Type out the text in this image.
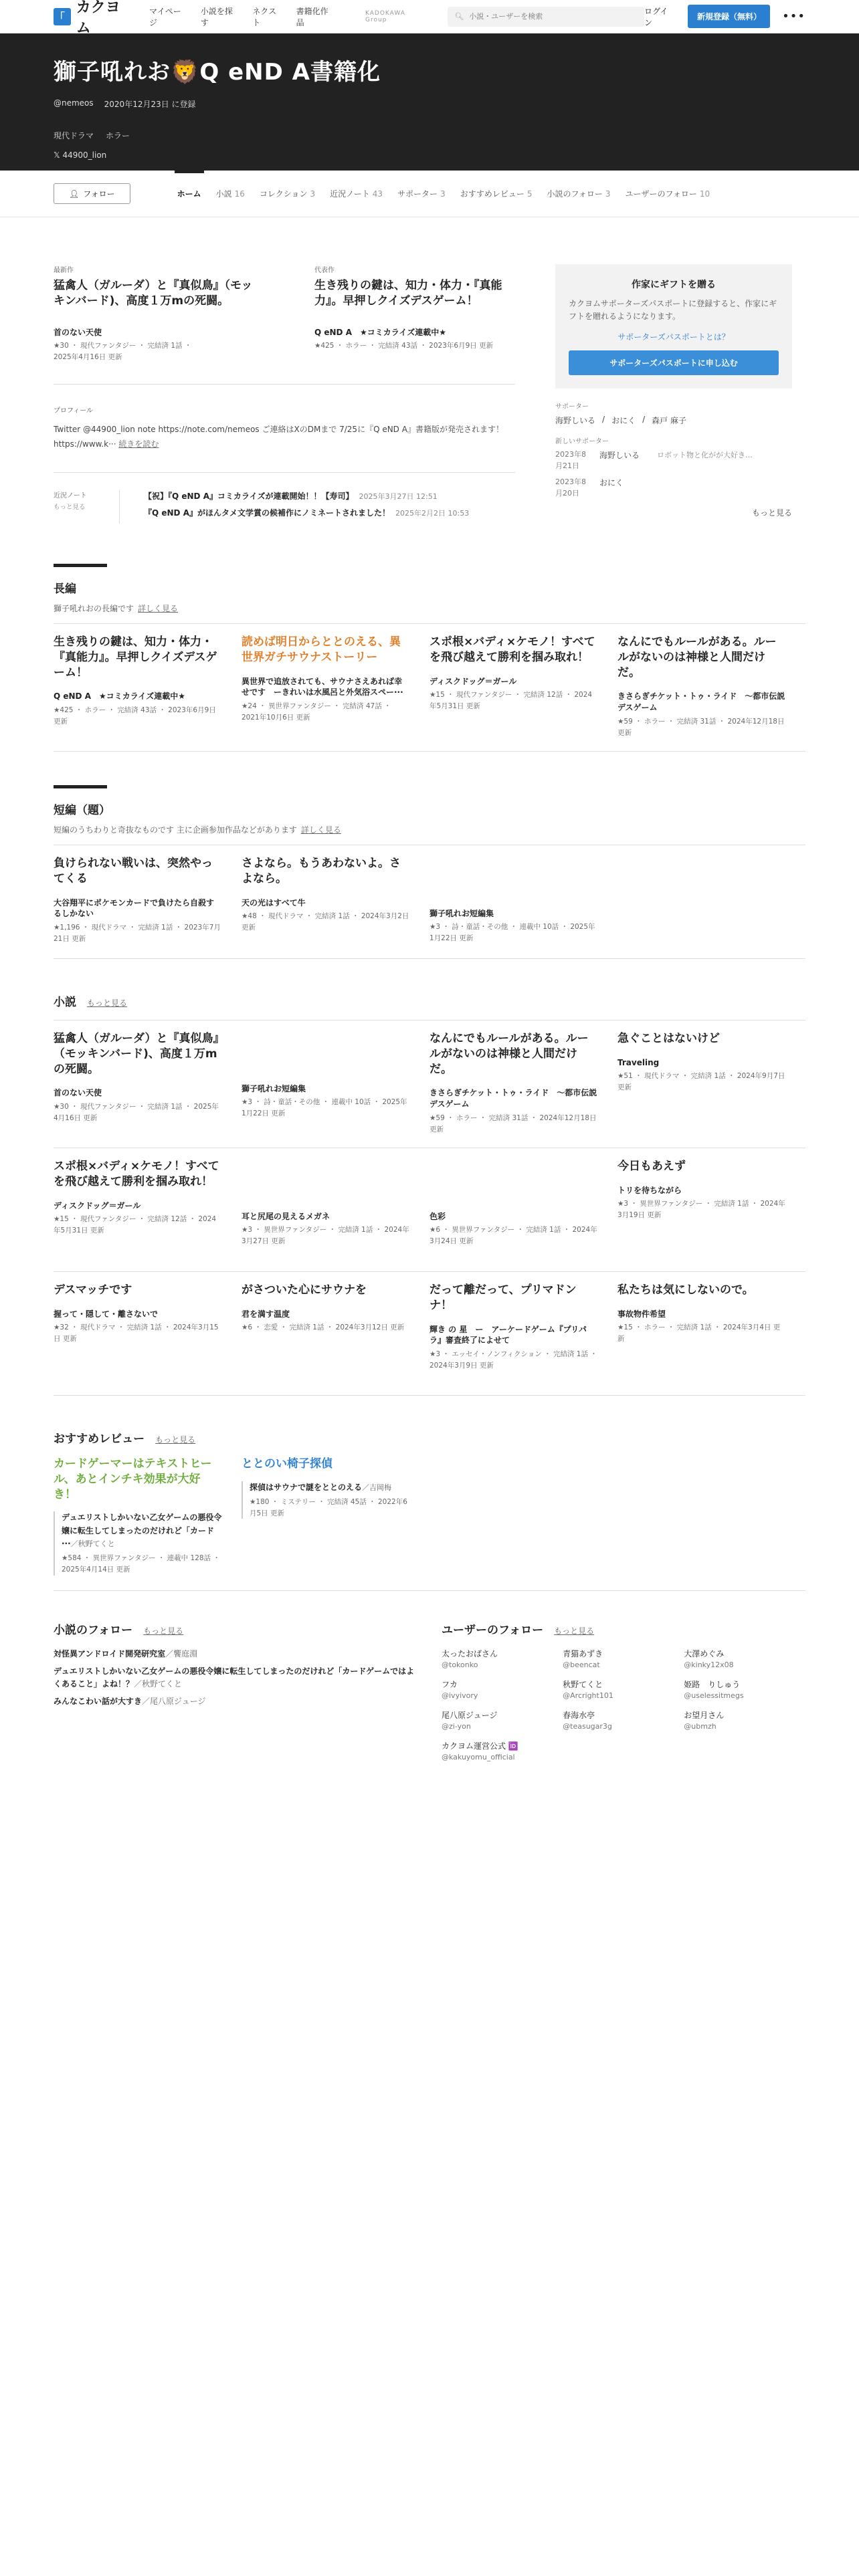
｢
カクヨム
マイページ
小説を探す
ネクスト
書籍化作品
KADOKAWA Group	🔍︎
小説・ユーザーを検索
ログイン
新規登録（無料）	•••
獅子吼れお🦁Q eND A書籍化
@nemeos 2020年12月23日 に登録
現代ドラマ ホラー
𝕏 44900_lion
👤︎ フォロー	ホーム 小説 16 コレクション 3 近況ノート 43 サポーター 3 おすすめレビュー 5 小説のフォロー 3 ユーザーのフォロー 10
最新作
猛禽人（ガルーダ）と『真似鳥』（モッキンバード)、高度１万mの死闘。
首のない天使
★30 ・ 現代ファンタジー ・ 完結済 1話 ・
2025年4月16日 更新
代表作
生き残りの鍵は、知力・体力・『真能力』。早押しクイズデスゲーム！
Q eND A　★コミカライズ連載中★
★425 ・ ホラー ・ 完結済 43話 ・ 2023年6月9日 更新
プロフィール
Twitter @44900_lion note https://note.com/nemeos ご連絡はXのDMまで 7/25に『Q eND A』書籍版が発売されます！https://www.k··· 続きを読む
近況ノート
もっと見る
【祝】『Q eND A』コミカライズが連載開始！！【寿司】 2025年3月27日 12:51
『Q eND A』がほんタメ文学賞の候補作にノミネートされました！ 2025年2月2日 10:53
作家にギフトを贈る

カクヨムサポーターズパスポートに登録すると、作家にギフトを贈れるようになります。

サポーターズパスポートとは？
サポーターズパスポートに申し込む
サポーター
海野しいる / おにく / 森戸 麻子
新しいサポーター
2023年8月21日
海野しいる ロボット物と化がが大好き…
2023年8月20日
おにく
もっと見る
長編
獅子吼れおの長編です 詳しく見る
生き残りの鍵は、知力・体力・『真能力』。早押しクイズデスゲーム！
Q eND A　★コミカライズ連載中★
★425 ・ ホラー ・ 完結済 43話 ・ 2023年6月9日 更新
読めば明日からととのえる、異世界ガチサウナストーリー
異世界で追放されても、サウナさえあれば幸せです　ーきれいは水風呂と外気浴スペー···
★24 ・ 異世界ファンタジー ・ 完結済 47話 ・ 2021年10月6日 更新
スポ根×バディ×ケモノ！すべてを飛び越えて勝利を掴み取れ！
ディスクドッグ＝ガール
★15 ・ 現代ファンタジー ・ 完結済 12話 ・ 2024年5月31日 更新
なんにでもルールがある。ルールがないのは神様と人間だけだ。
きさらぎチケット・トゥ・ライド　〜都市伝説デスゲーム
★59 ・ ホラー ・ 完結済 31話 ・ 2024年12月18日 更新
短編（題）
短編のうちわりと奇抜なものです 主に企画参加作品などがあります 詳しく見る
負けられない戦いは、突然やってくる
大谷翔平にポケモンカードで負けたら自殺するしかない
★1,196 ・ 現代ドラマ ・ 完結済 1話 ・ 2023年7月21日 更新
さよなら。もうあわないよ。さよなら。
天の光はすべて牛
★48 ・ 現代ドラマ ・ 完結済 1話 ・ 2024年3月2日 更新
獅子吼れお短編集
★3 ・ 詩・童話・その他 ・ 連載中 10話 ・ 2025年1月22日 更新
小説 もっと見る
猛禽人（ガルーダ）と『真似鳥』（モッキンバード)、高度１万mの死闘。
首のない天使
★30 ・ 現代ファンタジー ・ 完結済 1話 ・ 2025年4月16日 更新
獅子吼れお短編集
★3 ・ 詩・童話・その他 ・ 連載中 10話 ・ 2025年1月22日 更新
なんにでもルールがある。ルールがないのは神様と人間だけだ。
きさらぎチケット・トゥ・ライド　〜都市伝説デスゲーム
★59 ・ ホラー ・ 完結済 31話 ・ 2024年12月18日 更新
急ぐことはないけど
Traveling
★51 ・ 現代ドラマ ・ 完結済 1話 ・ 2024年9月7日 更新
スポ根×バディ×ケモノ！すべてを飛び越えて勝利を掴み取れ！
ディスクドッグ＝ガール
★15 ・ 現代ファンタジー ・ 完結済 12話 ・ 2024年5月31日 更新
耳と尻尾の見えるメガネ
★3 ・ 異世界ファンタジー ・ 完結済 1話 ・ 2024年3月27日 更新
色彩
★6 ・ 異世界ファンタジー ・ 完結済 1話 ・ 2024年3月24日 更新
今日もあえず
トリを待ちながら
★3 ・ 異世界ファンタジー ・ 完結済 1話 ・ 2024年3月19日 更新
デスマッチです
握って・隠して・離さないで
★32 ・ 現代ドラマ ・ 完結済 1話 ・ 2024年3月15日 更新
がさついた心にサウナを
君を満す温度
★6 ・ 恋愛 ・ 完結済 1話 ・ 2024年3月12日 更新
だって離だって、プリマドンナ！
輝き の 星　ー　アーケードゲーム『プリパラ』審査終了によせて
★3 ・ エッセイ・ノンフィクション ・ 完結済 1話 ・ 2024年3月9日 更新
私たちは気にしないので。
事故物件希望
★15 ・ ホラー ・ 完結済 1話 ・ 2024年3月4日 更新
おすすめレビュー もっと見る
カードゲーマーはテキストヒール、あとインチキ効果が大好き！
デュエリストしかいない乙女ゲームの悪役令嬢に転生してしまったのだけれど「カード···／秋野てくと
★584 ・ 異世界ファンタジー ・ 連載中 128話 ・ 2025年4月14日 更新
ととのい椅子探偵
探偵はサウナで謎をととのえる／吉岡梅
★180 ・ ミステリー ・ 完結済 45話 ・ 2022年6月5日 更新
小説のフォロー もっと見る
対怪異アンドロイド開発研究室／饗庭淵
デュエリストしかいない乙女ゲームの悪役令嬢に転生してしまったのだけれど「カードゲームではよくあること」よね！？／秋野てくと
みんなこわい話が大すき／尾八原ジュージ
ユーザーのフォロー もっと見る
太ったおばさん
@tokonko
青猫あずき
@beencat
大澤めぐみ
@kinky12x08
フカ
@ivyivory
秋野てくと
@Arcright101
姫路　りしゅう
@uselessitmegs
尾八原ジュージ
@zi-yon
春海水亭
@teasugar3g
お望月さん
@ubmzh
カクヨム運営公式 🆔
@kakuyomu_official
